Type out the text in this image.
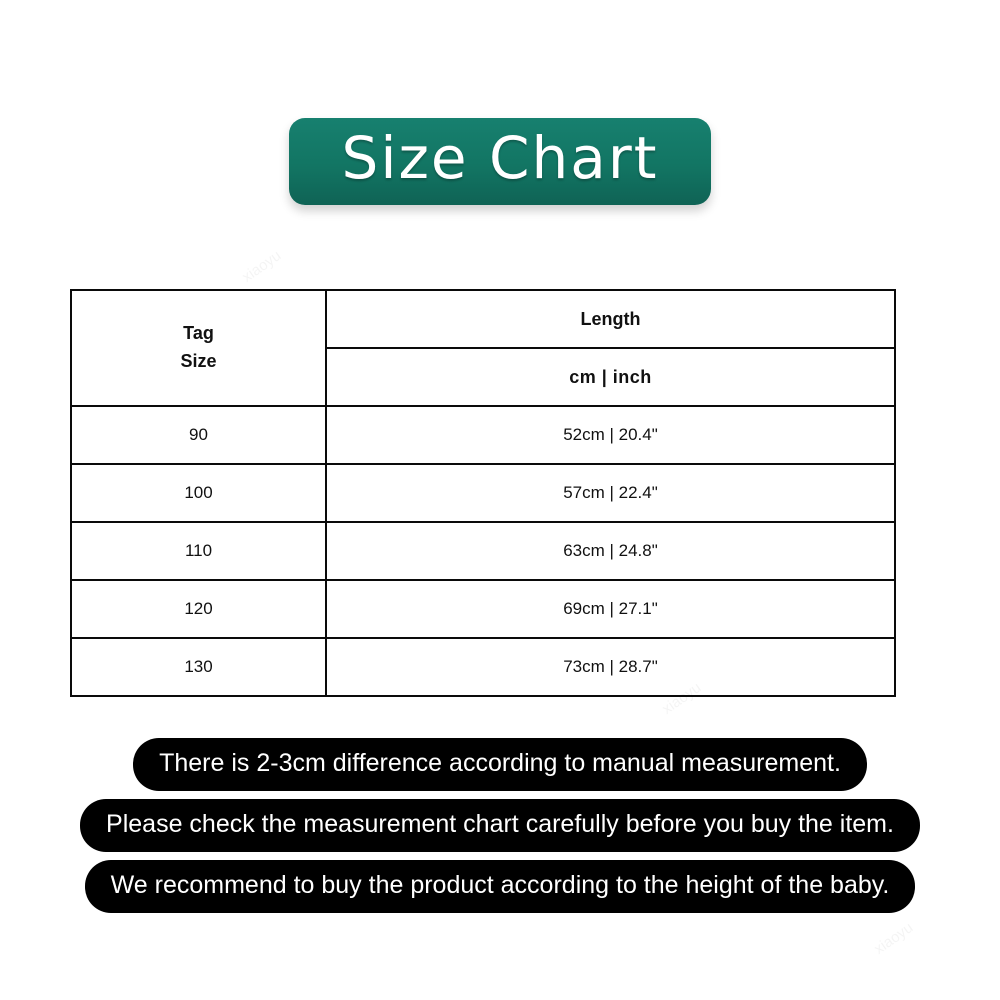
Size Chart
Tag
Size	Length
	cm | inch
90	52cm | 20.4"
100	57cm | 22.4"
110	63cm | 24.8"
120	69cm | 27.1"
130	73cm | 28.7"
There is 2-3cm difference according to manual measurement.
Please check the measurement chart carefully before you buy the item.
We recommend to buy the product according to the height of the baby.
